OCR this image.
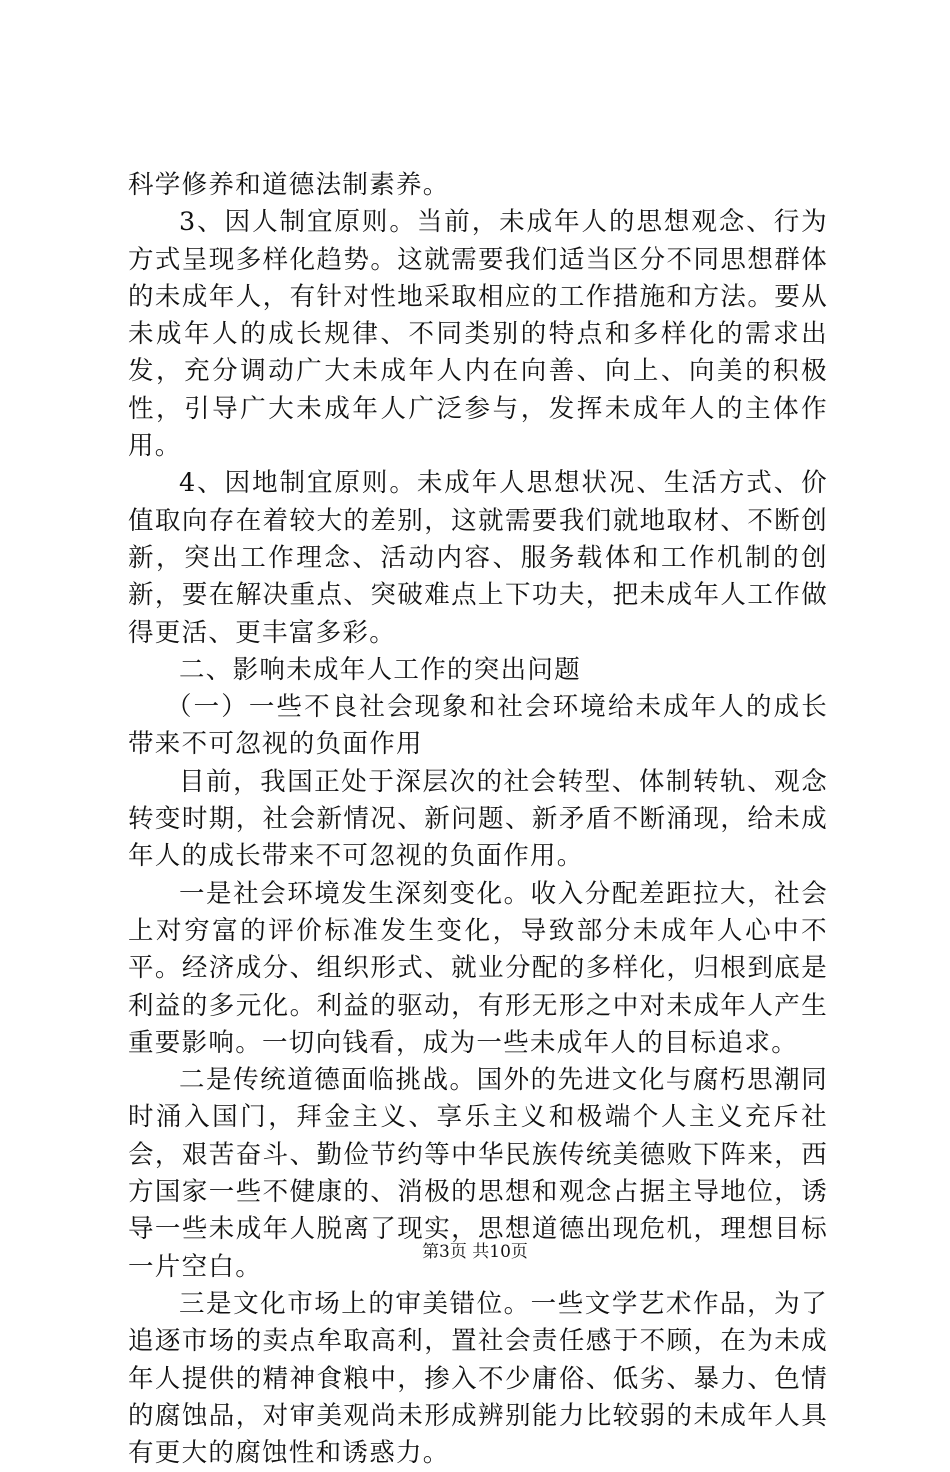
科学修养和道德法制素养。

3、因人制宜原则。当前，未成年人的思想观念、行为方式呈现多样化趋势。这就需要我们适当区分不同思想群体的未成年人，有针对性地采取相应的工作措施和方法。要从未成年人的成长规律、不同类别的特点和多样化的需求出发，充分调动广大未成年人内在向善、向上、向美的积极性，引导广大未成年人广泛参与，发挥未成年人的主体作用。

4、因地制宜原则。未成年人思想状况、生活方式、价值取向存在着较大的差别，这就需要我们就地取材、不断创新，突出工作理念、活动内容、服务载体和工作机制的创新，要在解决重点、突破难点上下功夫，把未成年人工作做得更活、更丰富多彩。

二、影响未成年人工作的突出问题

（一）一些不良社会现象和社会环境给未成年人的成长带来不可忽视的负面作用

目前，我国正处于深层次的社会转型、体制转轨、观念转变时期，社会新情况、新问题、新矛盾不断涌现，给未成年人的成长带来不可忽视的负面作用。

一是社会环境发生深刻变化。收入分配差距拉大，社会上对穷富的评价标准发生变化，导致部分未成年人心中不平。经济成分、组织形式、就业分配的多样化，归根到底是利益的多元化。利益的驱动，有形无形之中对未成年人产生重要影响。一切向钱看，成为一些未成年人的目标追求。

二是传统道德面临挑战。国外的先进文化与腐朽思潮同时涌入国门，拜金主义、享乐主义和极端个人主义充斥社会，艰苦奋斗、勤俭节约等中华民族传统美德败下阵来，西方国家一些不健康的、消极的思想和观念占据主导地位，诱导一些未成年人脱离了现实，思想道德出现危机，理想目标一片空白。

三是文化市场上的审美错位。一些文学艺术作品，为了追逐市场的卖点牟取高利，置社会责任感于不顾，在为未成年人提供的精神食粮中，掺入不少庸俗、低劣、暴力、色情的腐蚀品，对审美观尚未形成辨别能力比较弱的未成年人具有更大的腐蚀性和诱惑力。

第3页 共10页
